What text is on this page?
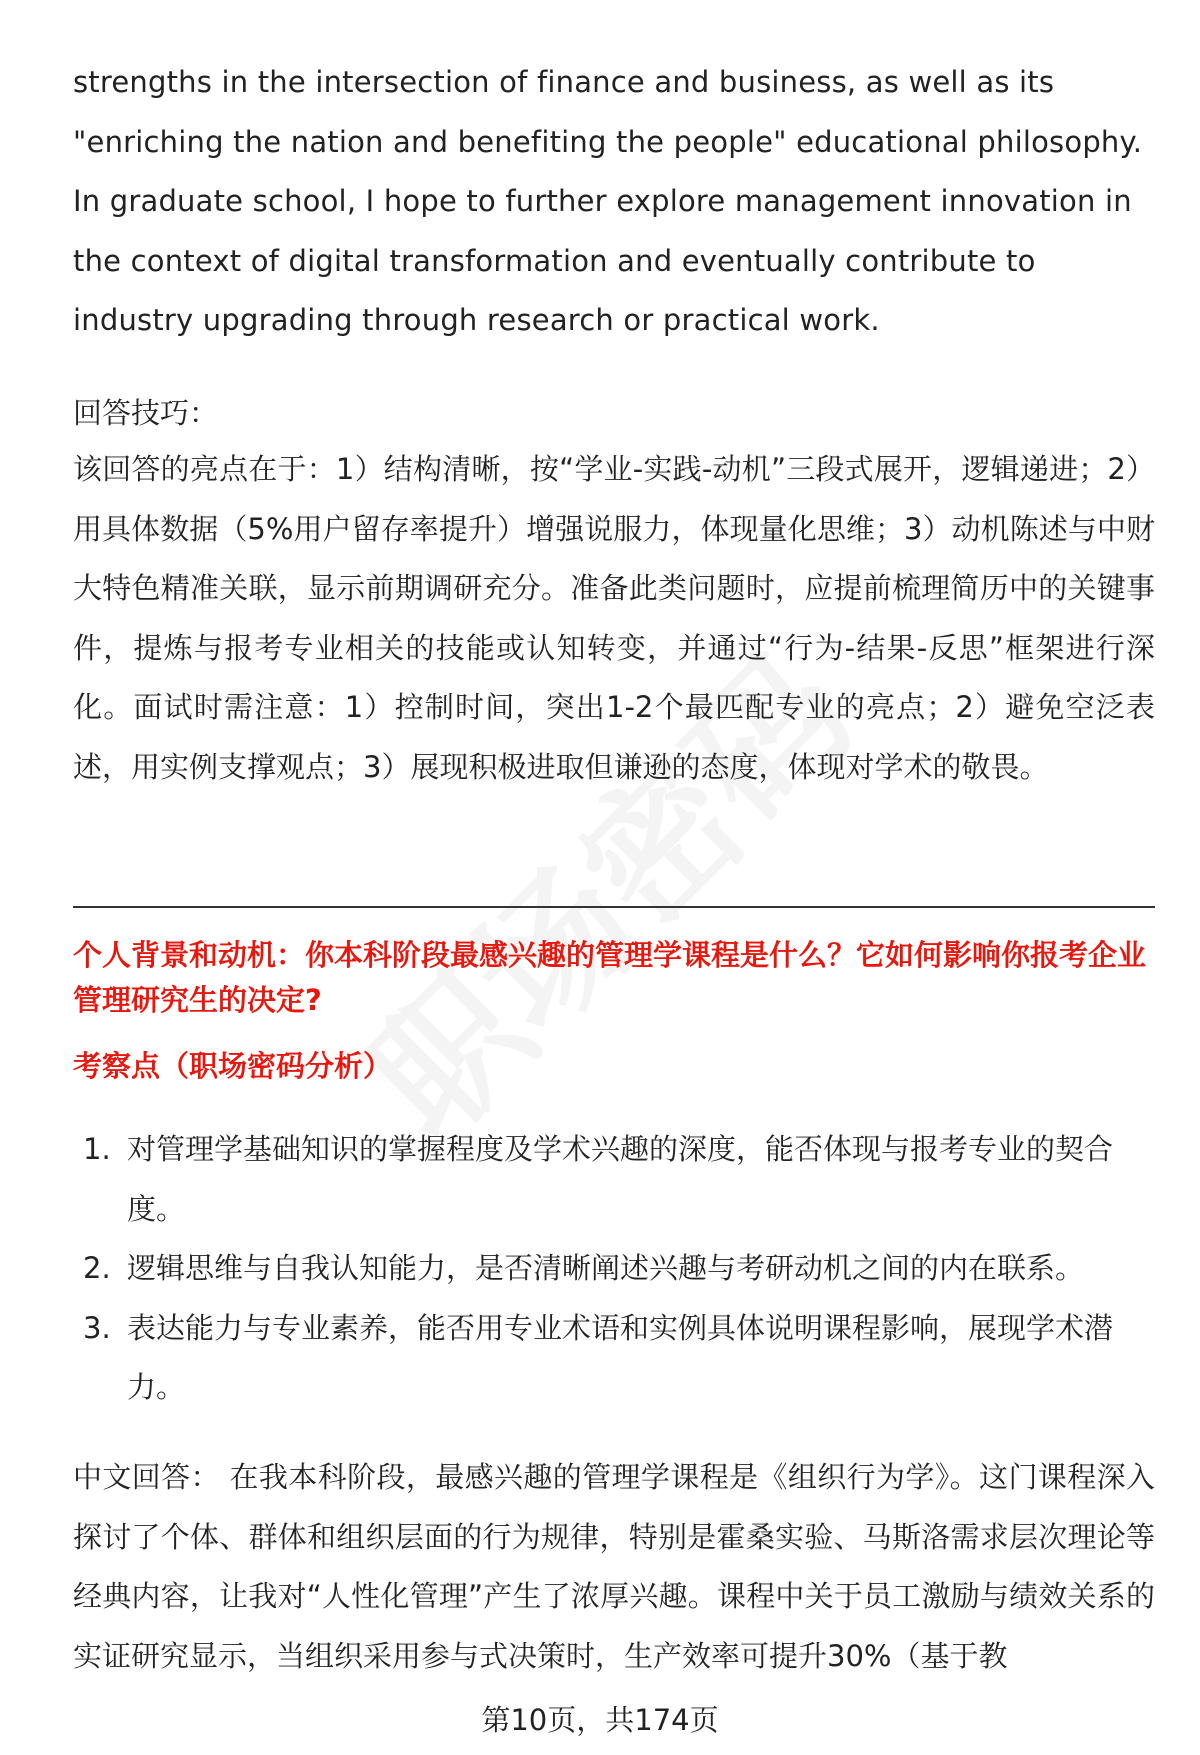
strengths in the intersection of finance and business, as well as its "enriching the nation and benefiting the people" educational philosophy. In graduate school, I hope to further explore management innovation in the context of digital transformation and eventually contribute to industry upgrading through research or practical work.

回答技巧：
该回答的亮点在于：1）结构清晰，按“学业-实践-动机”三段式展开，逻辑递进；2）用具体数据（5%用户留存率提升）增强说服力，体现量化思维；3）动机陈述与中财大特色精准关联，显示前期调研充分。准备此类问题时，应提前梳理简历中的关键事件，提炼与报考专业相关的技能或认知转变，并通过“行为-结果-反思”框架进行深化。面试时需注意：1）控制时间，突出1-2个最匹配专业的亮点；2）避免空泛表述，用实例支撑观点；3）展现积极进取但谦逊的态度，体现对学术的敬畏。
个人背景和动机：你本科阶段最感兴趣的管理学课程是什么？它如何影响你报考企业管理研究生的决定?
考察点（职场密码分析）
1. 对管理学基础知识的掌握程度及学术兴趣的深度，能否体现与报考专业的契合度。
2. 逻辑思维与自我认知能力，是否清晰阐述兴趣与考研动机之间的内在联系。
3. 表达能力与专业素养，能否用专业术语和实例具体说明课程影响，展现学术潜力。
中文回答： 在我本科阶段，最感兴趣的管理学课程是《组织行为学》。这门课程深入探讨了个体、群体和组织层面的行为规律，特别是霍桑实验、马斯洛需求层次理论等经典内容，让我对“人性化管理”产生了浓厚兴趣。课程中关于员工激励与绩效关系的实证研究显示，当组织采用参与式决策时，生产效率可提升30%（基于教
第10页，共174页
